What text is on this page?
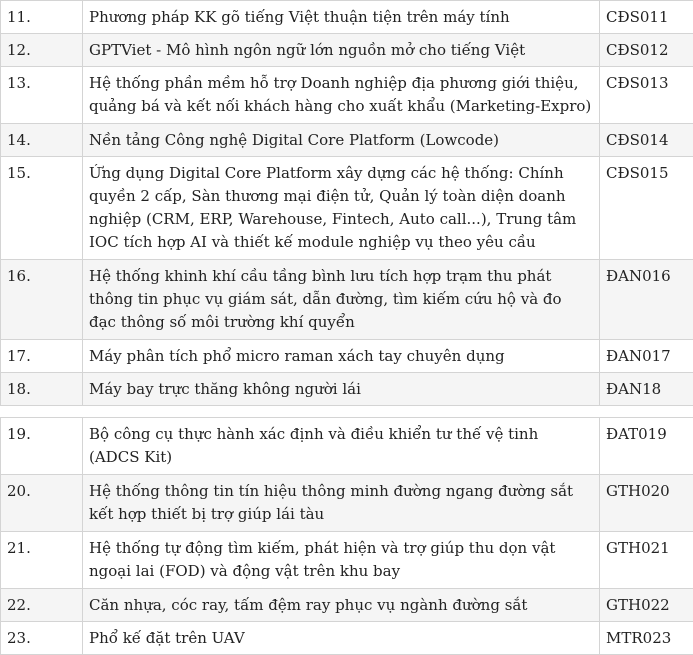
11.	Phương pháp KK gõ tiếng Việt thuận tiện trên máy tính	CĐS011
12.	GPTViet - Mô hình ngôn ngữ lớn nguồn mở cho tiếng Việt	CĐS012
13.	Hệ thống phần mềm hỗ trợ Doanh nghiệp địa phương giới thiệu, quảng bá và kết nối khách hàng cho xuất khẩu (Marketing-Expro)	CĐS013
14.	Nền tảng Công nghệ Digital Core Platform (Lowcode)	CĐS014
15.	Ứng dụng Digital Core Platform xây dựng các hệ thống: Chính quyền 2 cấp, Sàn thương mại điện tử, Quản lý toàn diện doanh nghiệp (CRM, ERP, Warehouse, Fintech, Auto call...), Trung tâm IOC tích hợp AI và thiết kế module nghiệp vụ theo yêu cầu	CĐS015
16.	Hệ thống khinh khí cầu tầng bình lưu tích hợp trạm thu phát thông tin phục vụ giám sát, dẫn đường, tìm kiếm cứu hộ và đo đạc thông số môi trường khí quyển	ĐAN016
17.	Máy phân tích phổ micro raman xách tay chuyên dụng	ĐAN017
18.	Máy bay trực thăng không người lái	ĐAN18
19.	Bộ công cụ thực hành xác định và điều khiển tư thế vệ tinh (ADCS Kit)	ĐAT019
20.	Hệ thống thông tin tín hiệu thông minh đường ngang đường sắt kết hợp thiết bị trợ giúp lái tàu	GTH020
21.	Hệ thống tự động tìm kiếm, phát hiện và trợ giúp thu dọn vật ngoại lai (FOD) và động vật trên khu bay	GTH021
22.	Căn nhựa, cóc ray, tấm đệm ray phục vụ ngành đường sắt	GTH022
23.	Phổ kế đặt trên UAV	MTR023
